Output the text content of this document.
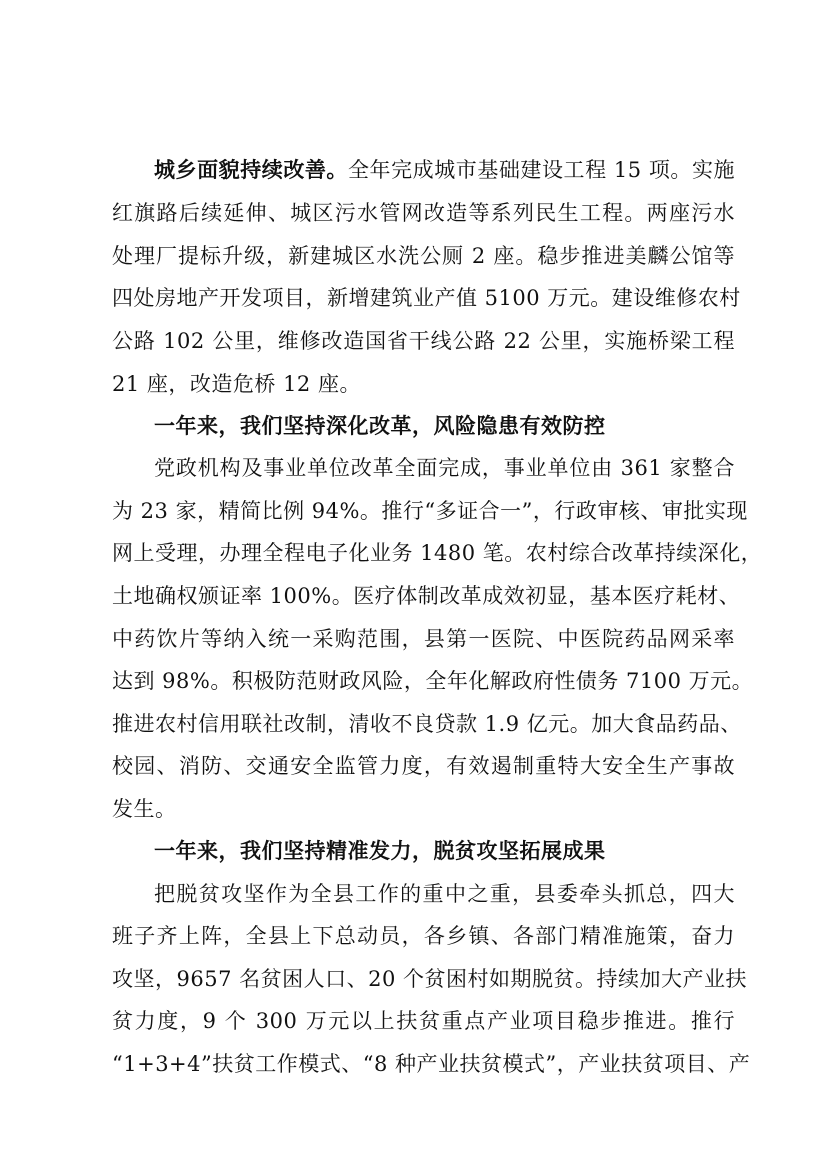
城乡面貌持续改善。全年完成城市基础建设工程 15 项。实施
红旗路后续延伸、城区污水管网改造等系列民生工程。两座污水
处理厂提标升级，新建城区水洗公厕 2 座。稳步推进美麟公馆等
四处房地产开发项目，新增建筑业产值 5100 万元。建设维修农村
公路 102 公里，维修改造国省干线公路 22 公里，实施桥梁工程
21 座，改造危桥 12 座。
一年来，我们坚持深化改革，风险隐患有效防控
党政机构及事业单位改革全面完成，事业单位由 361 家整合
为 23 家，精简比例 94%。推行“多证合一”，行政审核、审批实现
网上受理，办理全程电子化业务 1480 笔。农村综合改革持续深化，
土地确权颁证率 100%。医疗体制改革成效初显，基本医疗耗材、
中药饮片等纳入统一采购范围，县第一医院、中医院药品网采率
达到 98%。积极防范财政风险，全年化解政府性债务 7100 万元。
推进农村信用联社改制，清收不良贷款 1.9 亿元。加大食品药品、
校园、消防、交通安全监管力度，有效遏制重特大安全生产事故
发生。
一年来，我们坚持精准发力，脱贫攻坚拓展成果
把脱贫攻坚作为全县工作的重中之重，县委牵头抓总，四大
班子齐上阵，全县上下总动员，各乡镇、各部门精准施策，奋力
攻坚，9657 名贫困人口、20 个贫困村如期脱贫。持续加大产业扶
贫力度，9 个 300 万元以上扶贫重点产业项目稳步推进。推行
“1+3+4”扶贫工作模式、“8 种产业扶贫模式”，产业扶贫项目、产
